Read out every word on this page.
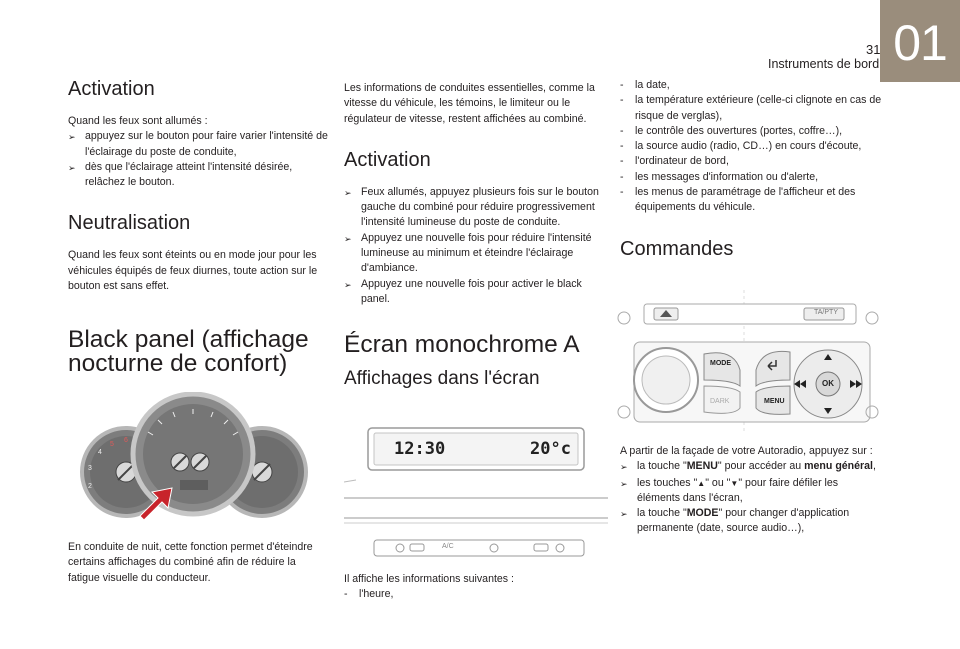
31
Instruments de bord 01
Activation

Quand les feux sont allumés :

➢ appuyez sur le bouton pour faire varier l'intensité de l'éclairage du poste de conduite,
➢ dès que l'éclairage atteint l'intensité désirée, relâchez le bouton.
Neutralisation

Quand les feux sont éteints ou en mode jour pour les véhicules équipés de feux diurnes, toute action sur le bouton est sans effet.

Black panel (affichage nocturne de confort)
4
5
6
3
2

En conduite de nuit, cette fonction permet d'éteindre certains affichages du combiné afin de réduire la fatigue visuelle du conducteur.

Les informations de conduites essentielles, comme la vitesse du véhicule, les témoins, le limiteur ou le régulateur de vitesse, restent affichées au combiné.

Activation
➢ Feux allumés, appuyez plusieurs fois sur le bouton gauche du combiné pour réduire progressivement l'intensité lumineuse du poste de conduite.
➢ Appuyez une nouvelle fois pour réduire l'intensité lumineuse au minimum et éteindre l'éclairage d'ambiance.
➢ Appuyez une nouvelle fois pour activer le black panel.
Écran monochrome A
Affichages dans l'écran
12:30	20°c
A/C

Il affiche les informations suivantes :

-	l'heure,
-	la date,
-	la température extérieure (celle-ci clignote en cas de risque de verglas),
-	le contrôle des ouvertures (portes, coffre…),
-	la source audio (radio, CD…) en cours d'écoute,
-	l'ordinateur de bord,
-	les messages d'information ou d'alerte,
-	les menus de paramétrage de l'afficheur et des équipements du véhicule.
Commandes
TA/PTY
MODE
DARK	MENU
OK

A partir de la façade de votre Autoradio, appuyez sur :

➢ la touche "MENU" pour accéder au menu général,
➢ les touches "▲" ou "▼" pour faire défiler les éléments dans l'écran,
➢ la touche "MODE" pour changer d'application permanente (date, source audio…),
